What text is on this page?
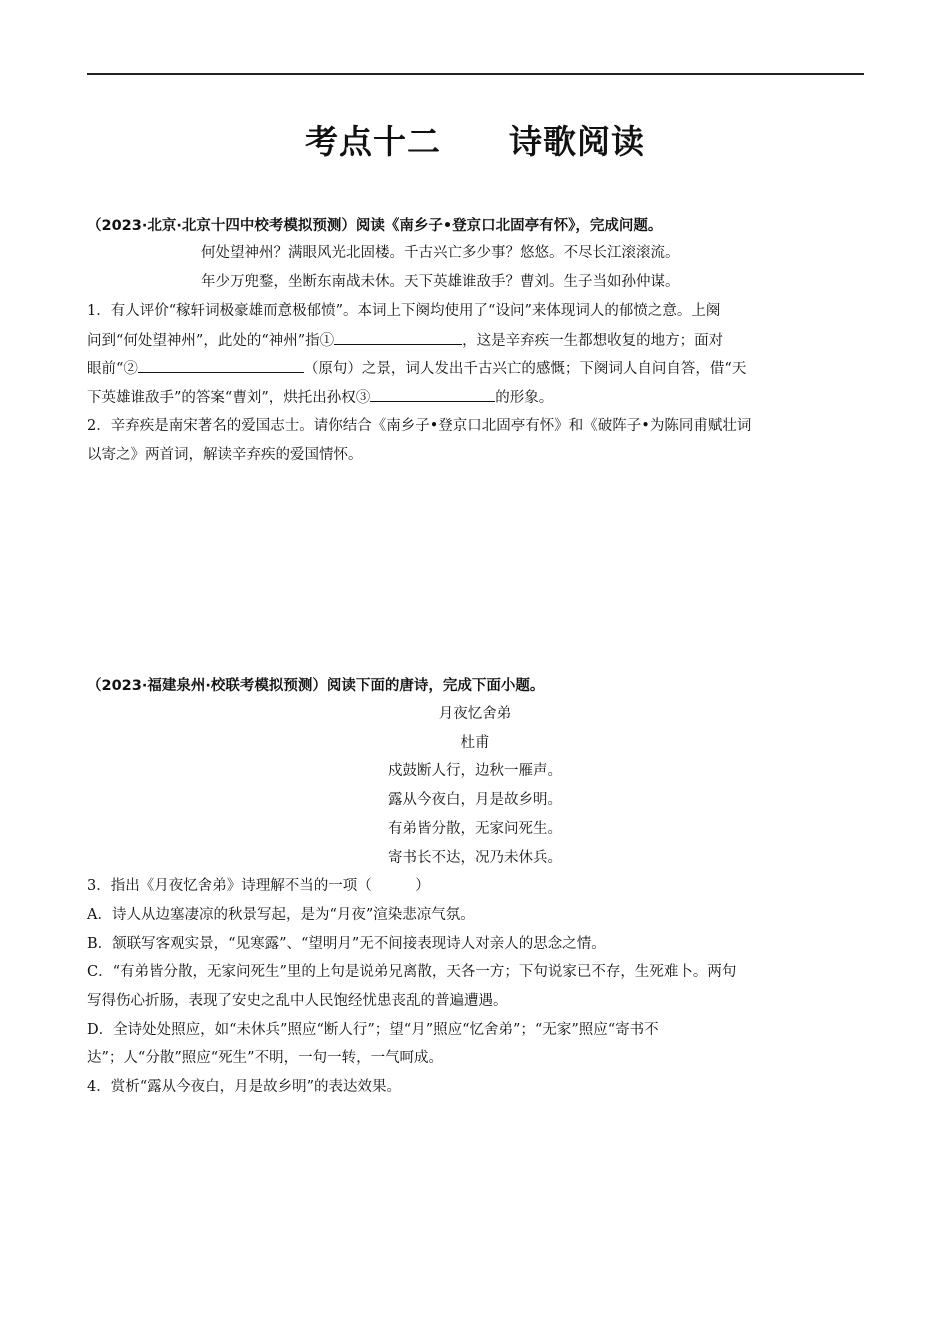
考点十二　　诗歌阅读
（2023·北京·北京十四中校考模拟预测）阅读《南乡子•登京口北固亭有怀》，完成问题。
何处望神州？满眼风光北固楼。千古兴亡多少事？悠悠。不尽长江滚滚流。
年少万兜鍪，坐断东南战未休。天下英雄谁敌手？曹刘。生子当如孙仲谋。
1．有人评价“稼轩词极豪雄而意极郁愤”。本词上下阕均使用了“设问”来体现词人的郁愤之意。上阕
问到“何处望神州”，此处的“神州”指①	，这是辛弃疾一生都想收复的地方；面对
眼前“②	（原句）之景，词人发出千古兴亡的感慨；下阕词人自问自答，借“天
下英雄谁敌手”的答案“曹刘”，烘托出孙权③	的形象。
2．辛弃疾是南宋著名的爱国志士。请你结合《南乡子•登京口北固亭有怀》和《破阵子•为陈同甫赋壮词
以寄之》两首词，解读辛弃疾的爱国情怀。
（2023·福建泉州·校联考模拟预测）阅读下面的唐诗，完成下面小题。
月夜忆舍弟
杜甫
戍鼓断人行，边秋一雁声。
露从今夜白，月是故乡明。
有弟皆分散，无家问死生。
寄书长不达，况乃未休兵。
3．指出《月夜忆舍弟》诗理解不当的一项（　　　）
A．诗人从边塞凄凉的秋景写起，是为“月夜”渲染悲凉气氛。
B．颔联写客观实景，“见寒露”、“望明月”无不间接表现诗人对亲人的思念之情。
C．“有弟皆分散，无家问死生”里的上句是说弟兄离散，天各一方；下句说家已不存，生死难卜。两句
写得伤心折肠，表现了安史之乱中人民饱经忧患丧乱的普遍遭遇。
D．全诗处处照应，如“未休兵”照应“断人行”；望“月”照应“忆舍弟”；“无家”照应“寄书不
达”；人“分散”照应“死生”不明，一句一转，一气呵成。
4．赏析“露从今夜白，月是故乡明”的表达效果。
